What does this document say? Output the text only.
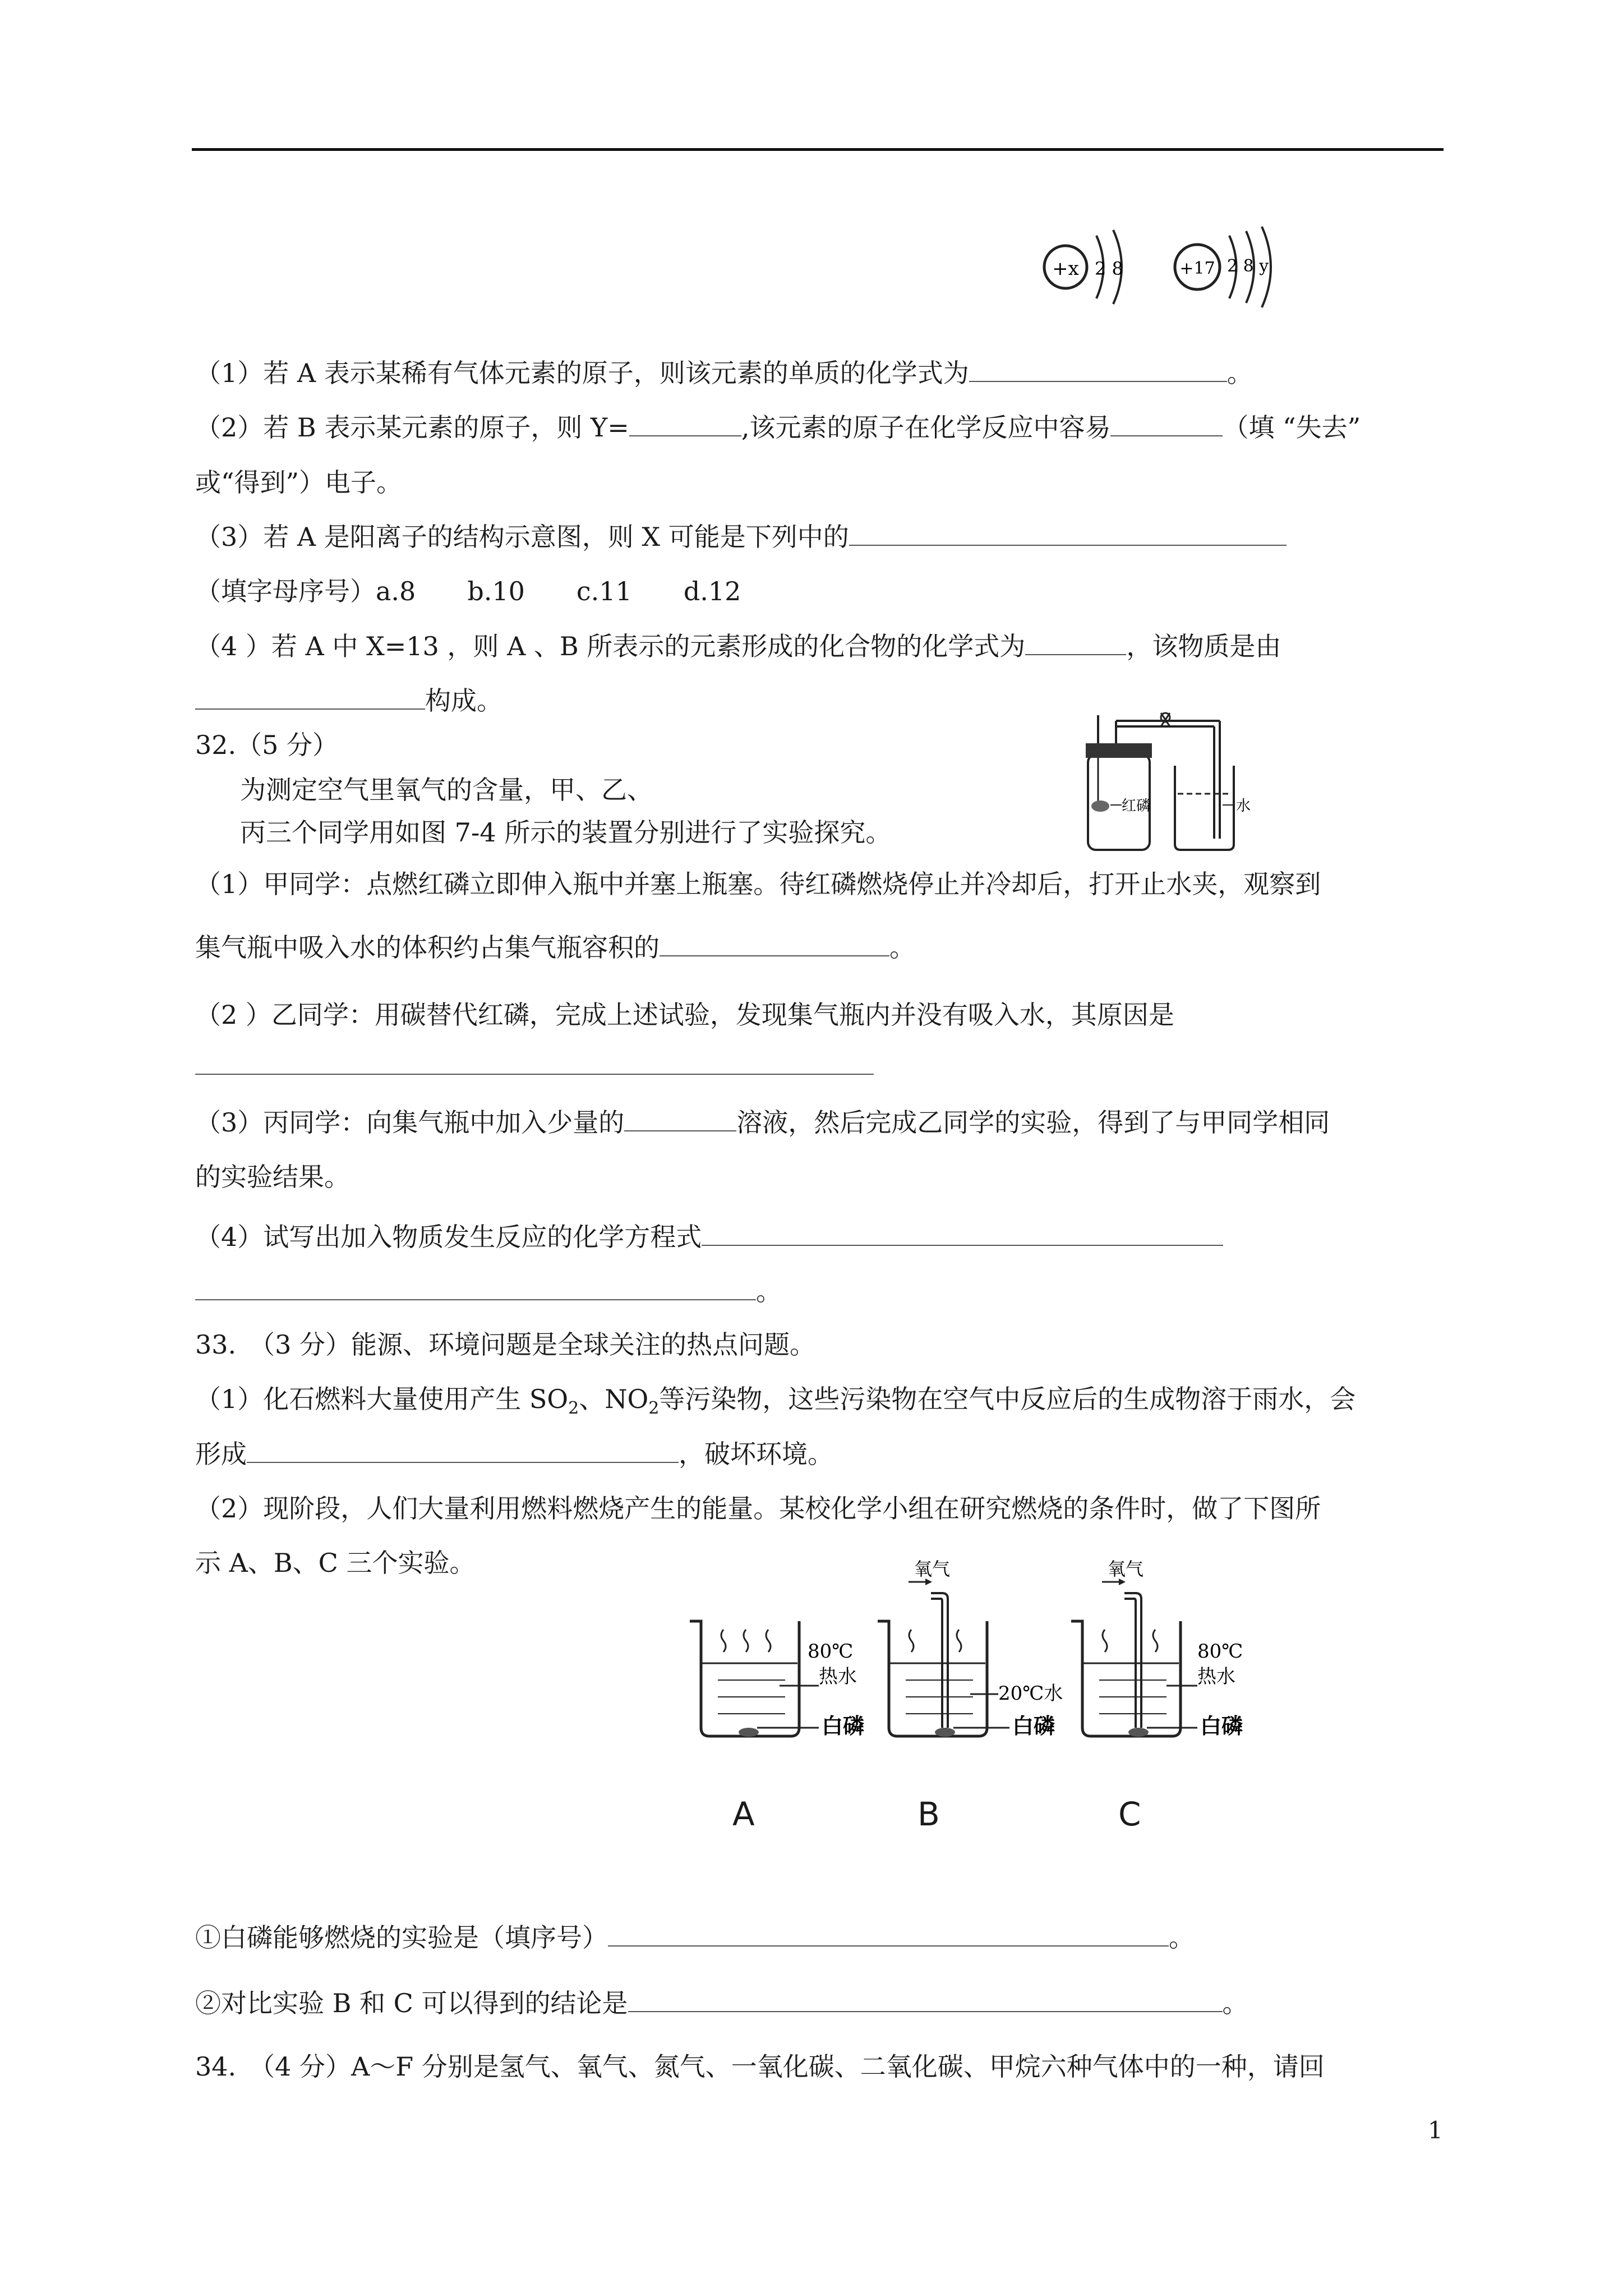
+x 2 8	+17 2 8 y
（1）若 A 表示某稀有气体元素的原子，则该元素的单质的化学式为	。
（2）若 B 表示某元素的原子，则 Y=	,该元素的原子在化学反应中容易	（填 “失去”
或“得到”）电子。
（3）若 A 是阳离子的结构示意图，则 X 可能是下列中的
（填字母序号）a.8　　b.10　　c.11　　d.12
（4 ）若 A 中 X=13 ，则 A 、B 所表示的元素形成的化合物的化学式为	，该物质是由
构成。
32.（5 分）
为测定空气里氧气的含量，甲、乙、
丙三个同学用如图 7-4 所示的装置分别进行了实验探究。
红磷	水
（1）甲同学：点燃红磷立即伸入瓶中并塞上瓶塞。待红磷燃烧停止并冷却后，打开止水夹，观察到
集气瓶中吸入水的体积约占集气瓶容积的	。
（2 ）乙同学：用碳替代红磷，完成上述试验，发现集气瓶内并没有吸入水，其原因是
（3）丙同学：向集气瓶中加入少量的	溶液，然后完成乙同学的实验，得到了与甲同学相同
的实验结果。
（4）试写出加入物质发生反应的化学方程式
。
33.　（3 分）能源、环境问题是全球关注的热点问题。
（1）化石燃料大量使用产生 $SO_2$、$NO_2$等污染物，这些污染物在空气中反应后的生成物溶于雨水，会
形成	，破坏环境。
（2）现阶段，人们大量利用燃料燃烧产生的能量。某校化学小组在研究燃烧的条件时，做了下图所
示 A、B、C 三个实验。
80℃
热水
白磷
氧气
20℃水
白磷
氧气
80℃
热水
白磷
A	B	C
①白磷能够燃烧的实验是（填序号）	。
②对比实验 B 和 C 可以得到的结论是	。
34.　（4 分）A～F 分别是氢气、氧气、氮气、一氧化碳、二氧化碳、甲烷六种气体中的一种，请回
1
